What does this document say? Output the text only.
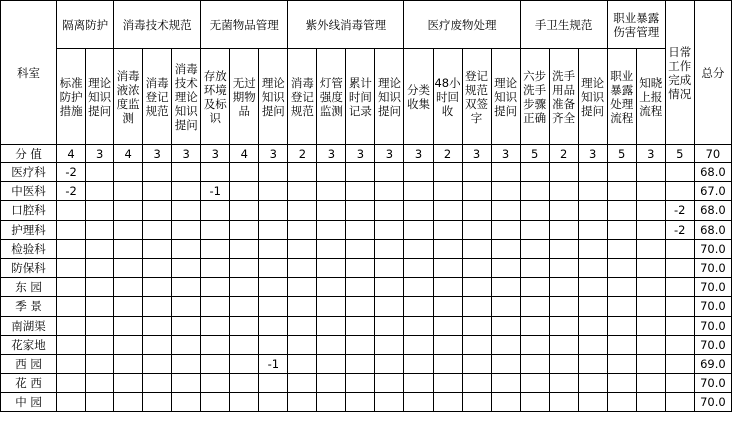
科室	隔离防护		消毒技术规范			无菌物品管理			紫外线消毒管理				医疗废物处理				手卫生规范			职业暴露伤害管理		日常工作完成情况	总分
	标准防护措施	理论知识提问	消毒液浓度监测	消毒登记规范	消毒技术理论知识提问	存放环境及标识	无过期物品	理论知识提问	消毒登记规范	灯管强度监测	累计时间记录	理论知识提问	分类收集	48小时回收	登记规范双签字	理论知识提问	六步洗手步骤正确	洗手用品准备齐全	理论知识提问	职业暴露处理流程	知晓上报流程		
分 值	4	3	4	3	3	3	4	3	2	3	3	3	3	2	3	3	5	2	3	5	3	5	70
医疗科	-2																						68.0
中医科	-2					-1																	67.0
口腔科																						-2	68.0
护理科																						-2	68.0
检验科																							70.0
防保科																							70.0
东 园																							70.0
季 景																							70.0
南湖渠																							70.0
花家地																							70.0
西 园								-1															69.0
花 西																							70.0
中 园																							70.0
